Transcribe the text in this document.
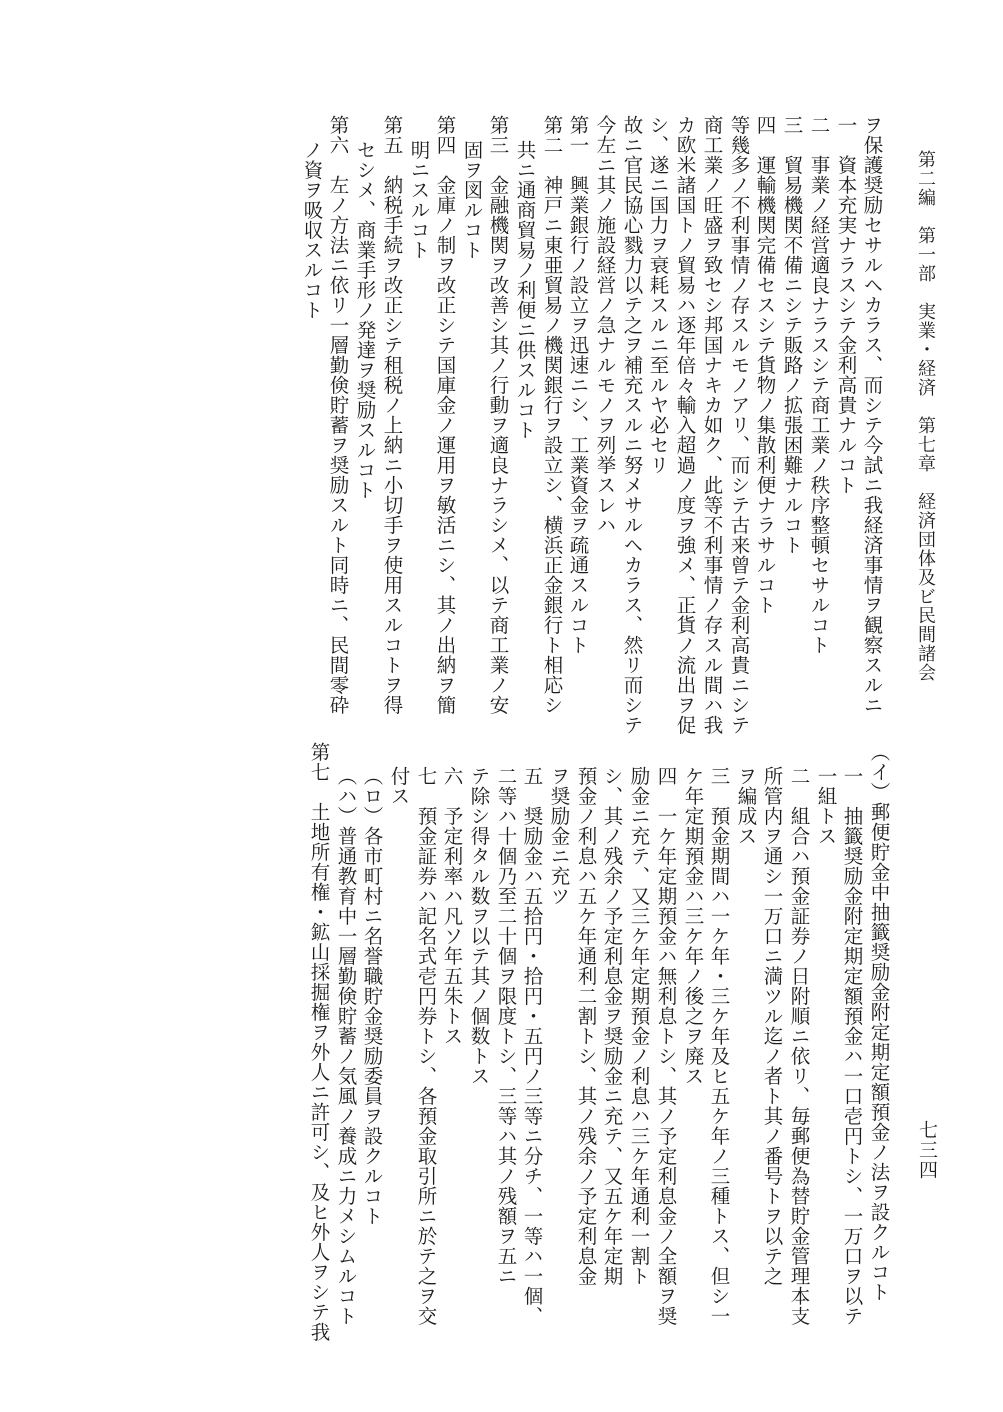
第二編　第一部　実業・経済　第七章　経済団体及ビ民間諸会
七三四
ヲ保護奨励セサルヘカラス、而シテ今試ニ我経済事情ヲ観察スルニ
一　資本充実ナラスシテ金利高貴ナルコト
二　事業ノ経営適良ナラスシテ商工業ノ秩序整頓セサルコト
三　貿易機関不備ニシテ販路ノ拡張困難ナルコト
四　運輸機関完備セスシテ貨物ノ集散利便ナラサルコト
等幾多ノ不利事情ノ存スルモノアリ、而シテ古来曾テ金利高貴ニシテ
商工業ノ旺盛ヲ致セシ邦国ナキカ如ク、此等不利事情ノ存スル間ハ我
カ欧米諸国トノ貿易ハ逐年倍々輸入超過ノ度ヲ強メ、正貨ノ流出ヲ促
シ、遂ニ国力ヲ衰耗スルニ至ルヤ必セリ
故ニ官民協心戮力以テ之ヲ補充スルニ努メサルヘカラス、然リ而シテ
今左ニ其ノ施設経営ノ急ナルモノヲ列挙スレハ
第一　興業銀行ノ設立ヲ迅速ニシ、工業資金ヲ疏通スルコト
第二　神戸ニ東亜貿易ノ機関銀行ヲ設立シ、横浜正金銀行ト相応シ
共ニ通商貿易ノ利便ニ供スルコト
第三　金融機関ヲ改善シ其ノ行動ヲ適良ナラシメ、以テ商工業ノ安
固ヲ図ルコト
第四　金庫ノ制ヲ改正シテ国庫金ノ運用ヲ敏活ニシ、其ノ出納ヲ簡
明ニスルコト
第五　納税手続ヲ改正シテ租税ノ上納ニ小切手ヲ使用スルコトヲ得
セシメ、商業手形ノ発達ヲ奨励スルコト
第六　左ノ方法ニ依リ一層勤倹貯蓄ヲ奨励スルト同時ニ、民間零砕
ノ資ヲ吸収スルコト
（イ）郵便貯金中抽籤奨励金附定期定額預金ノ法ヲ設クルコト
一　抽籤奨励金附定期定額預金ハ一口壱円トシ、一万口ヲ以テ
一組トス
二　組合ハ預金証券ノ日附順ニ依リ、毎郵便為替貯金管理本支
所管内ヲ通シ一万口ニ満ツル迄ノ者ト其ノ番号トヲ以テ之
ヲ編成ス
三　預金期間ハ一ケ年・三ケ年及ヒ五ケ年ノ三種トス、但シ一
ケ年定期預金ハ三ケ年ノ後之ヲ廃ス
四　一ケ年定期預金ハ無利息トシ、其ノ予定利息金ノ全額ヲ奨
励金ニ充テ、又三ケ年定期預金ノ利息ハ三ケ年通利一割ト
シ、其ノ残余ノ予定利息金ヲ奨励金ニ充テ、又五ケ年定期
預金ノ利息ハ五ケ年通利二割トシ、其ノ残余ノ予定利息金
ヲ奨励金ニ充ツ
五　奨励金ハ五拾円・拾円・五円ノ三等ニ分チ、一等ハ一個、
二等ハ十個乃至二十個ヲ限度トシ、三等ハ其ノ残額ヲ五ニ
テ除シ得タル数ヲ以テ其ノ個数トス
六　予定利率ハ凡ソ年五朱トス
七　預金証券ハ記名式壱円券トシ、各預金取引所ニ於テ之ヲ交
付ス
（ロ）各市町村ニ名誉職貯金奨励委員ヲ設クルコト
（ハ）普通教育中一層勤倹貯蓄ノ気風ノ養成ニ力メシムルコト
第七　土地所有権・鉱山採掘権ヲ外人ニ許可シ、及ヒ外人ヲシテ我
